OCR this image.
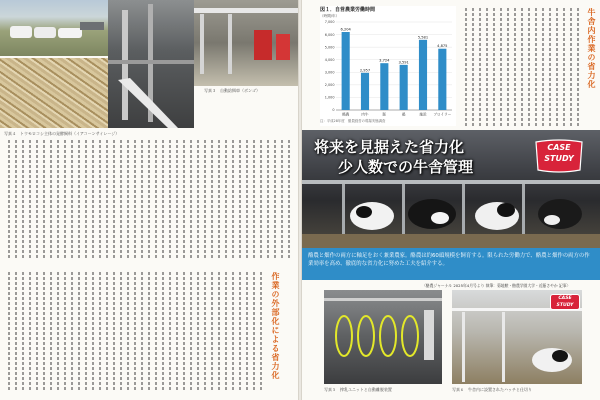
写真３　自動給餌車（ボンゴ）
写真４　トウモロコシ主体の発酵飼料（イアコーンサイレージ）
作業の外部化による省力化
図１．自営農業労働時間
（時間/年）
0
1,000
2,000
3,000
4,000
5,000
6,000
7,000
6,204
酪農
2,957
肉牛
3,724
豚
3,591
鶏
5,581
施設
4,875
ブロイラー
注：平成28年度　酪農経営の現場実態調査
牛舎内作業の省力化
将来を見据えた省力化
少人数での牛舎管理
CASE
STUDY
酪農と畑作の両方に軸足をおく兼業農家。酪農は約60頭規模を飼育する。限られた労働力で、酪農と畑作の両方の作業効率を高め、徹底的な省力化に努めた工夫を紹介する。
〈酪農ジャーナル 2025年4月号より 執筆：菊地勲・酪農学園大学・近藤さやか 記事〉
写真５　搾乳ユニットと自動離脱装置
CASE
STUDY
写真６　牛舎内に設置されたハッチと仕切り
